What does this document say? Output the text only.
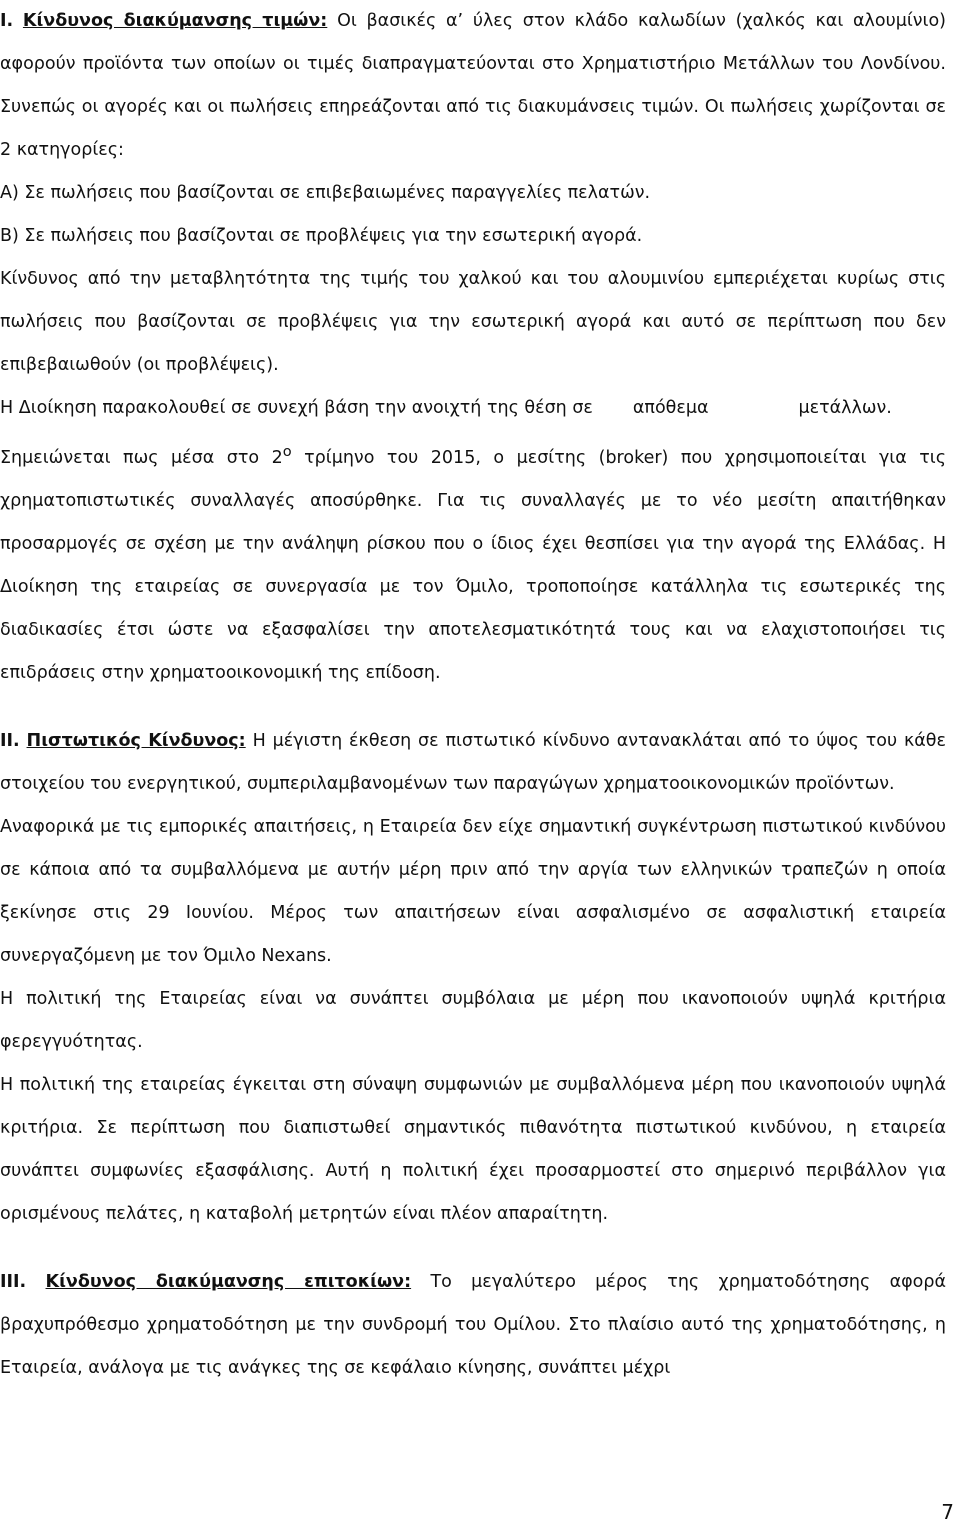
I. Κίνδυνος διακύμανσης τιμών: Οι βασικές α’ ύλες στον κλάδο καλωδίων (χαλκός και αλουμίνιο) αφορούν προϊόντα των οποίων οι τιμές διαπραγματεύονται στο Χρηματιστήριο Μετάλλων του Λονδίνου. Συνεπώς οι αγορές και οι πωλήσεις επηρεάζονται από τις διακυμάνσεις τιμών. Οι πωλήσεις χωρίζονται σε 2 κατηγορίες:

Α) Σε πωλήσεις που βασίζονται σε επιβεβαιωμένες παραγγελίες πελατών.

Β) Σε πωλήσεις που βασίζονται σε προβλέψεις για την εσωτερική αγορά.

Κίνδυνος από την μεταβλητότητα της τιμής του χαλκού και του αλουμινίου εμπεριέχεται κυρίως στις πωλήσεις που βασίζονται σε προβλέψεις για την εσωτερική αγορά και αυτό σε περίπτωση που δεν επιβεβαιωθούν (οι προβλέψεις).

Η Διοίκηση παρακολουθεί σε συνεχή βάση την ανοιχτή της θέση σε απόθεμα	μετάλλων.

Σημειώνεται πως μέσα στο $2^o$ τρίμηνο του 2015, ο μεσίτης (broker) που χρησιμοποιείται για τις χρηματοπιστωτικές συναλλαγές αποσύρθηκε. Για τις συναλλαγές με το νέο μεσίτη απαιτήθηκαν προσαρμογές σε σχέση με την ανάληψη ρίσκου που ο ίδιος έχει θεσπίσει για την αγορά της Ελλάδας. Η Διοίκηση της εταιρείας σε συνεργασία με τον Όμιλο, τροποποίησε κατάλληλα τις εσωτερικές της διαδικασίες έτσι ώστε να εξασφαλίσει την αποτελεσματικότητά τους και να ελαχιστοποιήσει τις επιδράσεις στην χρηματοοικονομική της επίδοση.

II. Πιστωτικός Κίνδυνος: Η μέγιστη έκθεση σε πιστωτικό κίνδυνο αντανακλάται από το ύψος του κάθε στοιχείου του ενεργητικού, συμπεριλαμβανομένων των παραγώγων χρηματοοικονομικών προϊόντων.

Αναφορικά με τις εμπορικές απαιτήσεις, η Εταιρεία δεν είχε σημαντική συγκέντρωση πιστωτικού κινδύνου σε κάποια από τα συμβαλλόμενα με αυτήν μέρη πριν από την αργία των ελληνικών τραπεζών η οποία ξεκίνησε στις 29 Ιουνίου. Μέρος των απαιτήσεων είναι ασφαλισμένο σε ασφαλιστική εταιρεία συνεργαζόμενη με τον Όμιλο Nexans.

Η πολιτική της Εταιρείας είναι να συνάπτει συμβόλαια με μέρη που ικανοποιούν υψηλά κριτήρια φερεγγυότητας.

Η πολιτική της εταιρείας έγκειται στη σύναψη συμφωνιών με συμβαλλόμενα μέρη που ικανοποιούν υψηλά κριτήρια. Σε περίπτωση που διαπιστωθεί σημαντικός πιθανότητα πιστωτικού κινδύνου, η εταιρεία συνάπτει συμφωνίες εξασφάλισης. Αυτή η πολιτική έχει προσαρμοστεί στο σημερινό περιβάλλον για ορισμένους πελάτες, η καταβολή μετρητών είναι πλέον απαραίτητη.

III. Κίνδυνος διακύμανσης επιτοκίων: Το μεγαλύτερο μέρος της χρηματοδότησης αφορά βραχυπρόθεσμο χρηματοδότηση με την συνδρομή του Ομίλου. Στο πλαίσιο αυτό της χρηματοδότησης, η Εταιρεία, ανάλογα με τις ανάγκες της σε κεφάλαιο κίνησης, συνάπτει μέχρι

7
